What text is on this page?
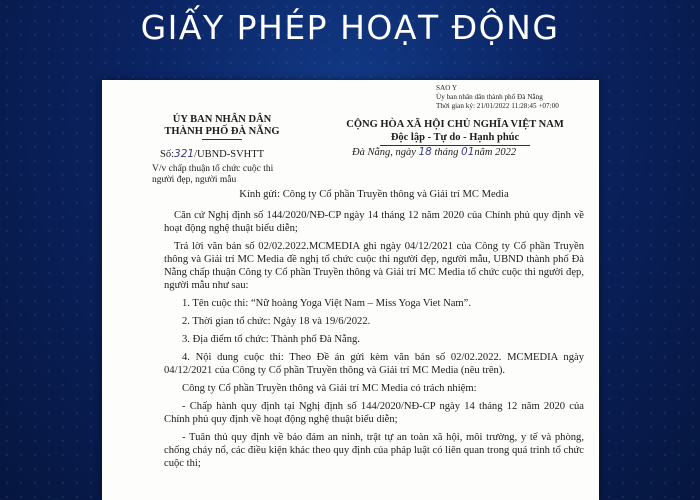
GIẤY PHÉP HOẠT ĐỘNG
SAO Y
Ủy ban nhân dân thành phố Đà Nẵng
Thời gian ký: 21/01/2022 11:28:45 +07:00
ỦY BAN NHÂN DÂN
THÀNH PHỐ ĐÀ NẴNG
Số:321/UBND-SVHTT
V/v chấp thuận tổ chức cuộc thi người đẹp, người mẫu
CỘNG HÒA XÃ HỘI CHỦ NGHĨA VIỆT NAM
Độc lập - Tự do - Hạnh phúc
Đà Nẵng, ngày 18 tháng 01năm 2022

Kính gửi: Công ty Cổ phần Truyền thông và Giải trí MC Media

Căn cứ Nghị định số 144/2020/NĐ-CP ngày 14 tháng 12 năm 2020 của Chính phủ quy định về hoạt động nghệ thuật biểu diễn;

Trả lời văn bản số 02/02.2022.MCMEDIA ghi ngày 04/12/2021 của Công ty Cổ phần Truyền thông và Giải trí MC Media đề nghị tổ chức cuộc thi người đẹp, người mẫu, UBND thành phố Đà Nẵng chấp thuận Công ty Cổ phần Truyền thông và Giải trí MC Media tổ chức cuộc thi người đẹp, người mẫu như sau:

1. Tên cuộc thi: “Nữ hoàng Yoga Việt Nam – Miss Yoga Viet Nam”.

2. Thời gian tổ chức: Ngày 18 và 19/6/2022.

3. Địa điểm tổ chức: Thành phố Đà Nẵng.

4. Nội dung cuộc thi: Theo Đề án gửi kèm văn bản số 02/02.2022. MCMEDIA ngày 04/12/2021 của Công ty Cổ phần Truyền thông và Giải trí MC Media (nêu trên).

Công ty Cổ phần Truyền thông và Giải trí MC Media có trách nhiệm:

- Chấp hành quy định tại Nghị định số 144/2020/NĐ-CP ngày 14 tháng 12 năm 2020 của Chính phủ quy định về hoạt động nghệ thuật biểu diễn;

- Tuân thủ quy định về bảo đảm an ninh, trật tự an toàn xã hội, môi trường, y tế và phòng, chống cháy nổ, các điều kiện khác theo quy định của pháp luật có liên quan trong quá trình tổ chức cuộc thi;
